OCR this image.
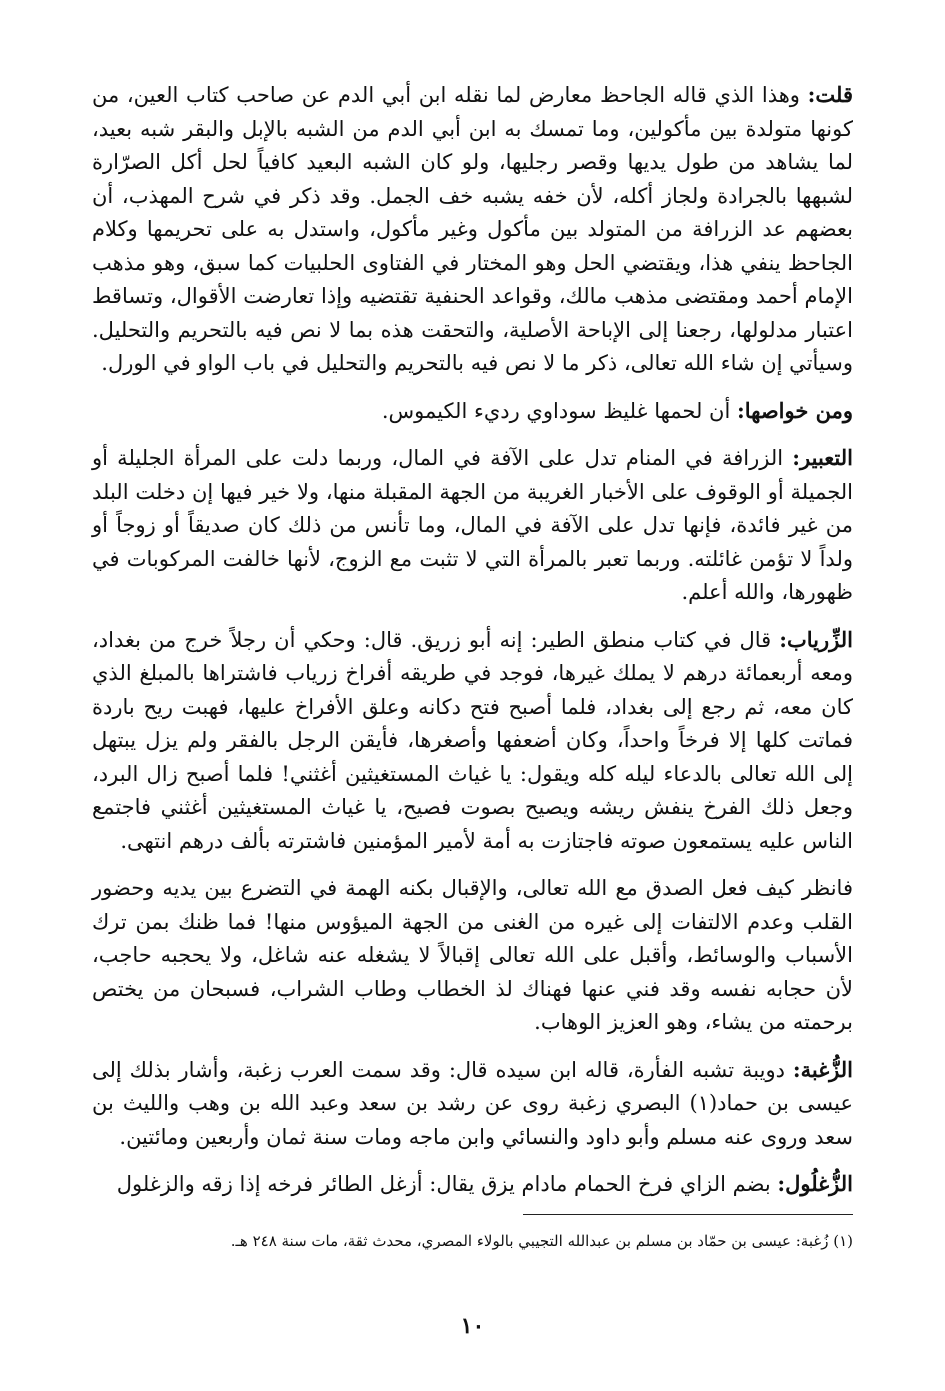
قلت: وهذا الذي قاله الجاحظ معارض لما نقله ابن أبي الدم عن صاحب كتاب العين، من كونها متولدة بين مأكولين، وما تمسك به ابن أبي الدم من الشبه بالإبل والبقر شبه بعيد، لما يشاهد من طول يديها وقصر رجليها، ولو كان الشبه البعيد كافياً لحل أكل الصرّارة لشبهها بالجرادة ولجاز أكله، لأن خفه يشبه خف الجمل. وقد ذكر في شرح المهذب، أن بعضهم عد الزرافة من المتولد بين مأكول وغير مأكول، واستدل به على تحريمها وكلام الجاحظ ينفي هذا، ويقتضي الحل وهو المختار في الفتاوى الحلبيات كما سبق، وهو مذهب الإمام أحمد ومقتضى مذهب مالك، وقواعد الحنفية تقتضيه وإذا تعارضت الأقوال، وتساقط اعتبار مدلولها، رجعنا إلى الإباحة الأصلية، والتحقت هذه بما لا نص فيه بالتحريم والتحليل. وسيأتي إن شاء الله تعالى، ذكر ما لا نص فيه بالتحريم والتحليل في باب الواو في الورل.

ومن خواصها: أن لحمها غليظ سوداوي رديء الكيموس.

التعبير: الزرافة في المنام تدل على الآفة في المال، وربما دلت على المرأة الجليلة أو الجميلة أو الوقوف على الأخبار الغريبة من الجهة المقبلة منها، ولا خير فيها إن دخلت البلد من غير فائدة، فإنها تدل على الآفة في المال، وما تأنس من ذلك كان صديقاً أو زوجاً أو ولداً لا تؤمن غائلته. وربما تعبر بالمرأة التي لا تثبت مع الزوج، لأنها خالفت المركوبات في ظهورها، والله أعلم.

الزِّرياب: قال في كتاب منطق الطير: إنه أبو زريق. قال: وحكي أن رجلاً خرج من بغداد، ومعه أربعمائة درهم لا يملك غيرها، فوجد في طريقه أفراخ زرياب فاشتراها بالمبلغ الذي كان معه، ثم رجع إلى بغداد، فلما أصبح فتح دكانه وعلق الأفراخ عليها، فهبت ريح باردة فماتت كلها إلا فرخاً واحداً، وكان أضعفها وأصغرها، فأيقن الرجل بالفقر ولم يزل يبتهل إلى الله تعالى بالدعاء ليله كله ويقول: يا غياث المستغيثين أغثني! فلما أصبح زال البرد، وجعل ذلك الفرخ ينفش ريشه ويصيح بصوت فصيح، يا غياث المستغيثين أغثني فاجتمع الناس عليه يستمعون صوته فاجتازت به أمة لأمير المؤمنين فاشترته بألف درهم انتهى.

فانظر كيف فعل الصدق مع الله تعالى، والإقبال بكنه الهمة في التضرع بين يديه وحضور القلب وعدم الالتفات إلى غيره من الغنى من الجهة الميؤوس منها! فما ظنك بمن ترك الأسباب والوسائط، وأقبل على الله تعالى إقبالاً لا يشغله عنه شاغل، ولا يحجبه حاجب، لأن حجابه نفسه وقد فني عنها فهناك لذ الخطاب وطاب الشراب، فسبحان من يختص برحمته من يشاء، وهو العزيز الوهاب.

الزُّغبة: دويبة تشبه الفأرة، قاله ابن سيده قال: وقد سمت العرب زغبة، وأشار بذلك إلى عيسى بن حماد(١) البصري زغبة روى عن رشد بن سعد وعبد الله بن وهب والليث بن سعد وروى عنه مسلم وأبو داود والنسائي وابن ماجه ومات سنة ثمان وأربعين ومائتين.

الزُّغلُول: بضم الزاي فرخ الحمام مادام يزق يقال: أزغل الطائر فرخه إذا زقه والزغلول

(١) زُغبة: عيسى بن حمّاد بن مسلم بن عبدالله التجيبي بالولاء المصري، محدث ثقة، مات سنة ٢٤٨ هـ.
١٠
